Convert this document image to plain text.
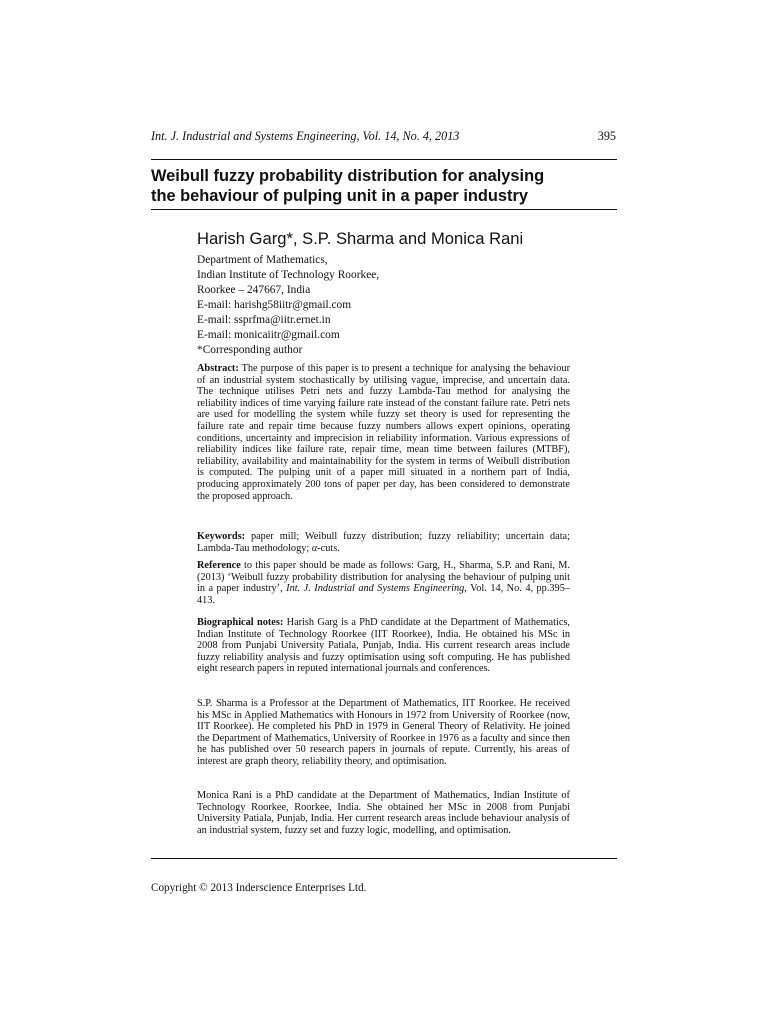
Int. J. Industrial and Systems Engineering, Vol. 14, No. 4, 2013	395
Weibull fuzzy probability distribution for analysing
the behaviour of pulping unit in a paper industry
Harish Garg*, S.P. Sharma and Monica Rani
Department of Mathematics,
Indian Institute of Technology Roorkee,
Roorkee – 247667, India
E-mail: harishg58iitr@gmail.com
E-mail: ssprfma@iitr.ernet.in
E-mail: monicaiitr@gmail.com
*Corresponding author

Abstract: The purpose of this paper is to present a technique for analysing the behaviour of an industrial system stochastically by utilising vague, imprecise, and uncertain data. The technique utilises Petri nets and fuzzy Lambda-Tau method for analysing the reliability indices of time varying failure rate instead of the constant failure rate. Petri nets are used for modelling the system while fuzzy set theory is used for representing the failure rate and repair time because fuzzy numbers allows expert opinions, operating conditions, uncertainty and imprecision in reliability information. Various expressions of reliability indices like failure rate, repair time, mean time between failures (MTBF), reliability, availability and maintainability for the system in terms of Weibull distribution is computed. The pulping unit of a paper mill situated in a northern part of India, producing approximately 200 tons of paper per day, has been considered to demonstrate the proposed approach.

Keywords: paper mill; Weibull fuzzy distribution; fuzzy reliability; uncertain data; Lambda-Tau methodology; α-cuts.

Reference to this paper should be made as follows: Garg, H., Sharma, S.P. and Rani, M. (2013) ‘Weibull fuzzy probability distribution for analysing the behaviour of pulping unit in a paper industry’, Int. J. Industrial and Systems Engineering, Vol. 14, No. 4, pp.395–413.

Biographical notes: Harish Garg is a PhD candidate at the Department of Mathematics, Indian Institute of Technology Roorkee (IIT Roorkee), India. He obtained his MSc in 2008 from Punjabi University Patiala, Punjab, India. His current research areas include fuzzy reliability analysis and fuzzy optimisation using soft computing. He has published eight research papers in reputed international journals and conferences.

S.P. Sharma is a Professor at the Department of Mathematics, IIT Roorkee. He received his MSc in Applied Mathematics with Honours in 1972 from University of Roorkee (now, IIT Roorkee). He completed his PhD in 1979 in General Theory of Relativity. He joined the Department of Mathematics, University of Roorkee in 1976 as a faculty and since then he has published over 50 research papers in journals of repute. Currently, his areas of interest are graph theory, reliability theory, and optimisation.

Monica Rani is a PhD candidate at the Department of Mathematics, Indian Institute of Technology Roorkee, Roorkee, India. She obtained her MSc in 2008 from Punjabi University Patiala, Punjab, India. Her current research areas include behaviour analysis of an industrial system, fuzzy set and fuzzy logic, modelling, and optimisation.

Copyright © 2013 Inderscience Enterprises Ltd.
